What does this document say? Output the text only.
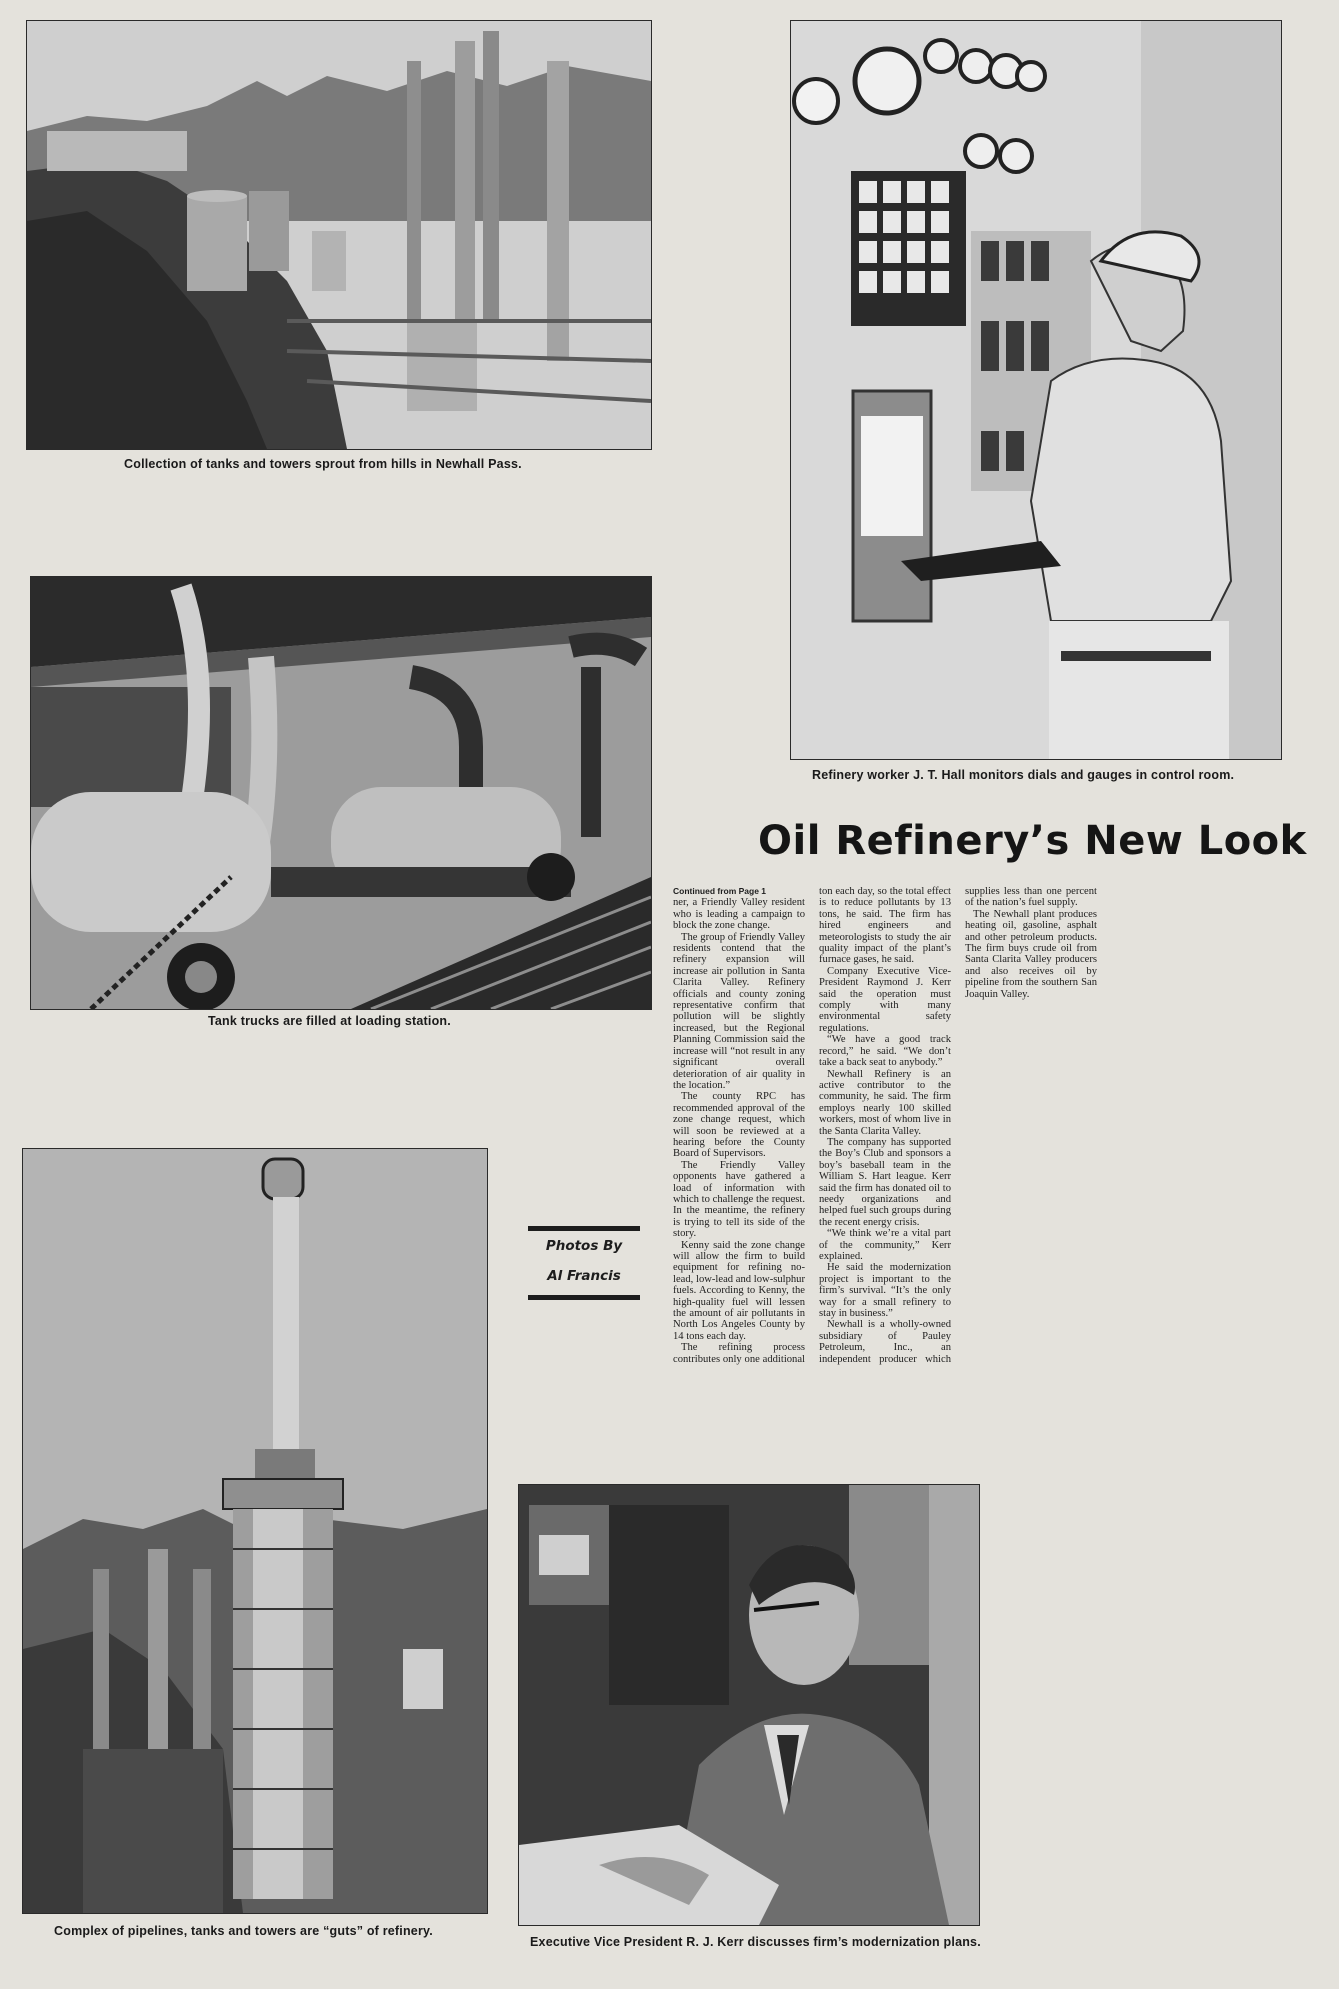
Collection of tanks and towers sprout from hills in Newhall Pass.
Refinery worker J. T. Hall monitors dials and gauges in control room.
Tank trucks are filled at loading station.
Oil Refinery’s New Look
Continued from Page 1

ner, a Friendly Valley resident who is leading a campaign to block the zone change.

The group of Friendly Valley residents contend that the refinery expansion will increase air pollution in Santa Clarita Valley. Refinery officials and county zoning representative confirm that pollution will be slightly increased, but the Regional Planning Commission said the increase will “not result in any significant overall deterioration of air quality in the location.”

The county RPC has recommended approval of the zone change request, which will soon be reviewed at a hearing before the County Board of Supervisors.

The Friendly Valley opponents have gathered a load of information with which to challenge the request. In the meantime, the refinery is trying to tell its side of the story.

Kenny said the zone change will allow the firm to build equipment for refining no-lead, low-lead and low-sulphur fuels. According to Kenny, the high-quality fuel will lessen the amount of air pollutants in North Los Angeles County by 14 tons each day.

The refining process contributes only one additional ton each day, so the total effect is to reduce pollutants by 13 tons, he said. The firm has hired engineers and meteorologists to study the air quality impact of the plant’s furnace gases, he said.

Company Executive Vice-President Raymond J. Kerr said the operation must comply with many environmental safety regulations.

“We have a good track record,” he said. “We don’t take a back seat to anybody.”

Newhall Refinery is an active contributor to the community, he said. The firm employs nearly 100 skilled workers, most of whom live in the Santa Clarita Valley.

The company has supported the Boy’s Club and sponsors a boy’s baseball team in the William S. Hart league. Kerr said the firm has donated oil to needy organizations and helped fuel such groups during the recent energy crisis.

“We think we’re a vital part of the community,” Kerr explained.

He said the modernization project is important to the firm’s survival. “It’s the only way for a small refinery to stay in business.”

Newhall is a wholly-owned subsidiary of Pauley Petroleum, Inc., an independent producer which supplies less than one percent of the nation’s fuel supply.

The Newhall plant produces heating oil, gasoline, asphalt and other petroleum products. The firm buys crude oil from Santa Clarita Valley producers and also receives oil by pipeline from the southern San Joaquin Valley.

Photos By
Al Francis
Complex of pipelines, tanks and towers are “guts” of refinery.
Executive Vice President R. J. Kerr discusses firm’s modernization plans.
